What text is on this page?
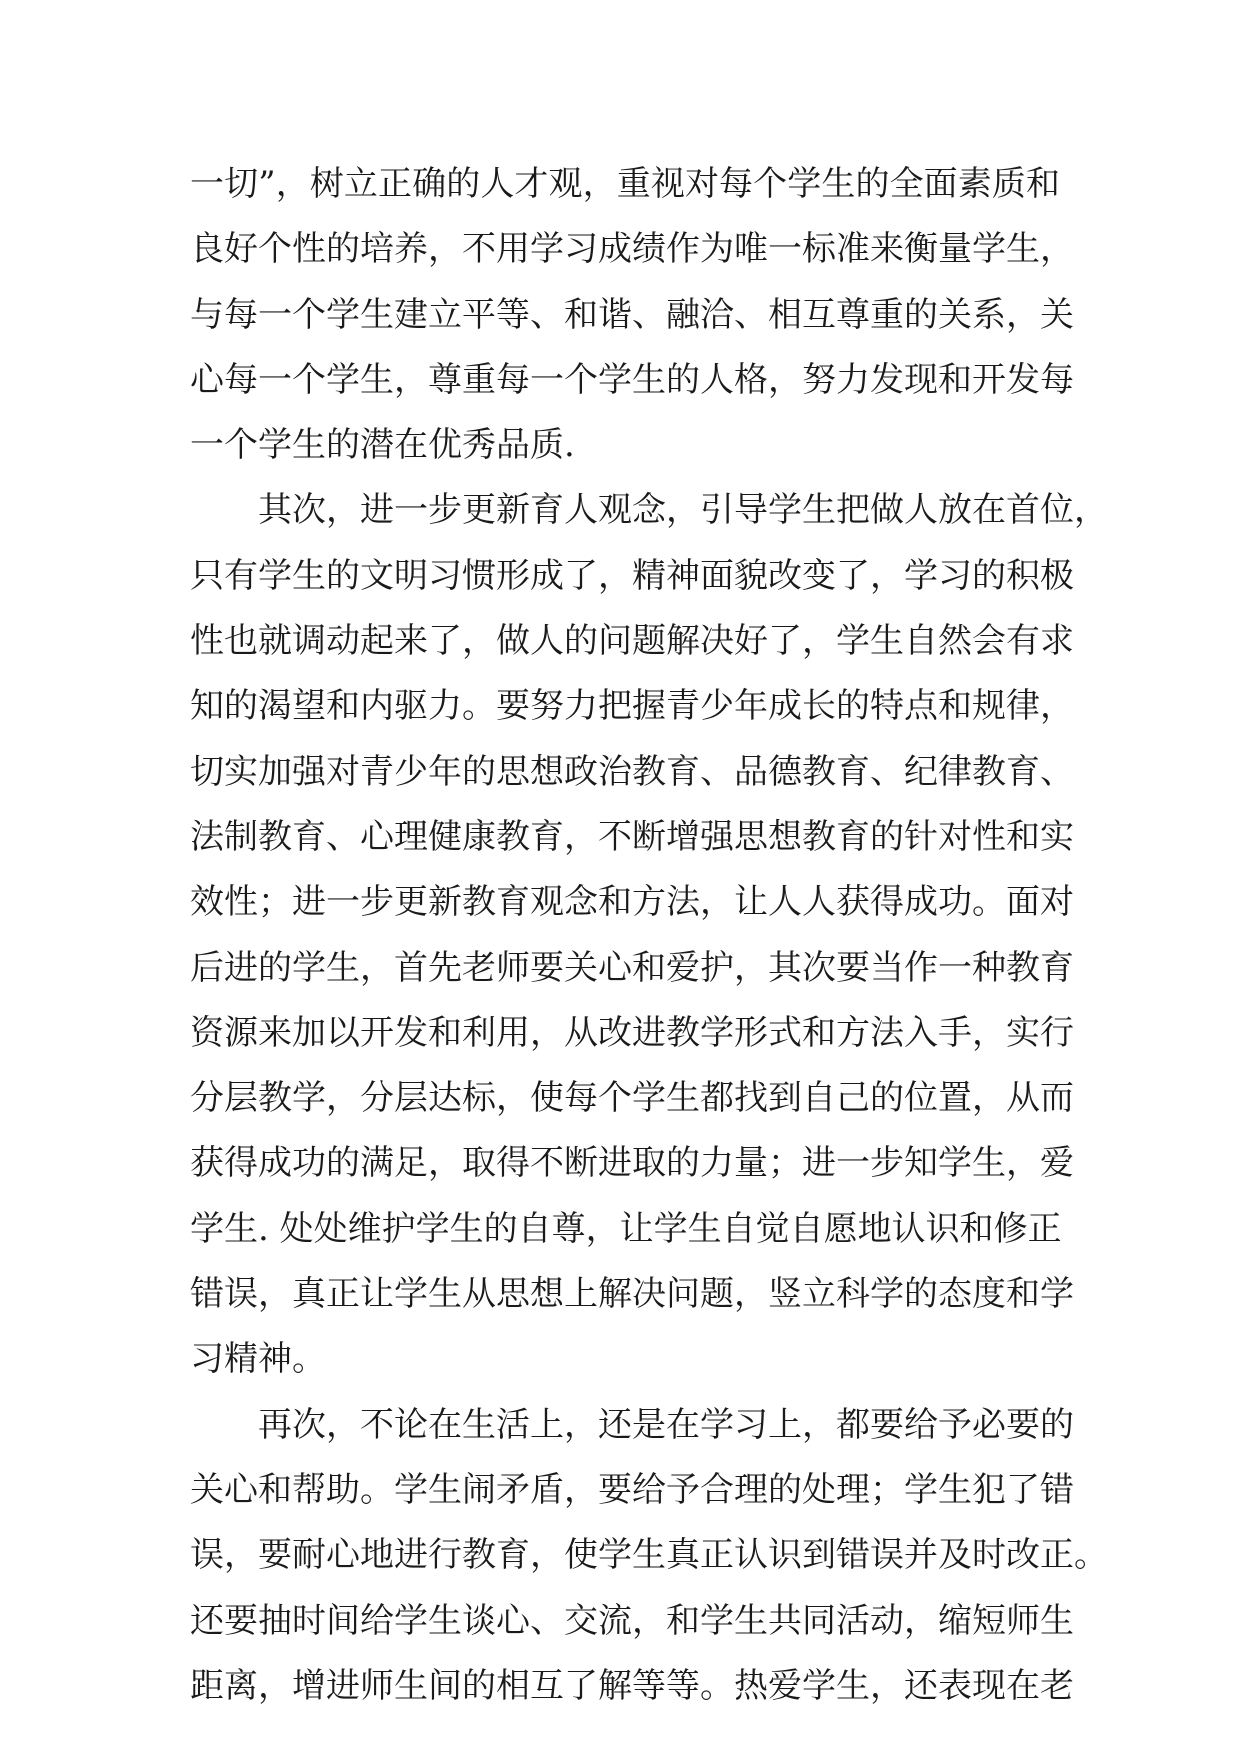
一切”，树立正确的人才观，重视对每个学生的全面素质和
良好个性的培养，不用学习成绩作为唯一标准来衡量学生，
与每一个学生建立平等、和谐、融洽、相互尊重的关系，关
心每一个学生，尊重每一个学生的人格，努力发现和开发每
一个学生的潜在优秀品质.
其次，进一步更新育人观念，引导学生把做人放在首位，
只有学生的文明习惯形成了，精神面貌改变了，学习的积极
性也就调动起来了，做人的问题解决好了，学生自然会有求
知的渴望和内驱力。要努力把握青少年成长的特点和规律，
切实加强对青少年的思想政治教育、品德教育、纪律教育、
法制教育、心理健康教育，不断增强思想教育的针对性和实
效性；进一步更新教育观念和方法，让人人获得成功。面对
后进的学生，首先老师要关心和爱护，其次要当作一种教育
资源来加以开发和利用，从改进教学形式和方法入手，实行
分层教学，分层达标，使每个学生都找到自己的位置，从而
获得成功的满足，取得不断进取的力量；进一步知学生，爱
学生. 处处维护学生的自尊，让学生自觉自愿地认识和修正
错误，真正让学生从思想上解决问题，竖立科学的态度和学
习精神。
再次，不论在生活上，还是在学习上，都要给予必要的
关心和帮助。学生闹矛盾，要给予合理的处理；学生犯了错
误，要耐心地进行教育，使学生真正认识到错误并及时改正。
还要抽时间给学生谈心、交流，和学生共同活动，缩短师生
距离，增进师生间的相互了解等等。热爱学生，还表现在老
